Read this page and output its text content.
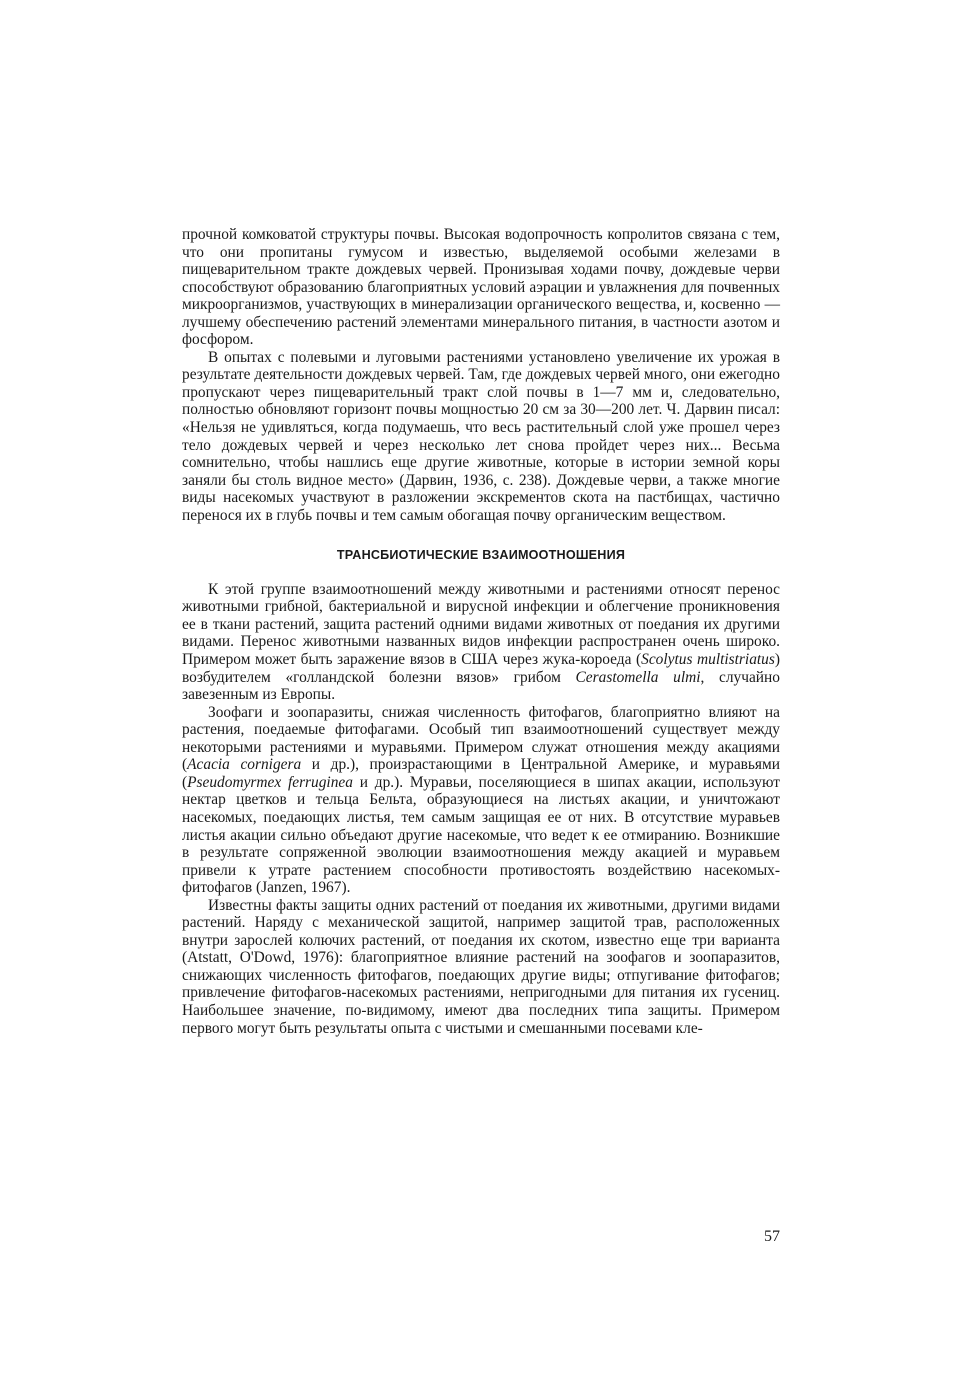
прочной комковатой структуры почвы. Высокая водопрочность копролитов связана с тем, что они пропитаны гумусом и известью, выделяемой особыми железами в пищеварительном тракте дождевых червей. Пронизывая ходами почву, дождевые черви способствуют образованию благоприятных условий аэрации и увлажнения для почвенных микроорганизмов, участвующих в минерализации органического вещества, и, косвенно — лучшему обеспечению растений элементами минерального питания, в частности азотом и фосфором.

В опытах с полевыми и луговыми растениями установлено увеличение их урожая в результате деятельности дождевых червей. Там, где дождевых червей много, они ежегодно пропускают через пищеварительный тракт слой почвы в 1—7 мм и, следовательно, полностью обновляют горизонт почвы мощностью 20 см за 30—200 лет. Ч. Дарвин писал: «Нельзя не удивляться, когда подумаешь, что весь растительный слой уже прошел через тело дождевых червей и через несколько лет снова пройдет через них... Весьма сомнительно, чтобы нашлись еще другие животные, которые в истории земной коры заняли бы столь видное место» (Дарвин, 1936, с. 238). Дождевые черви, а также многие виды насекомых участвуют в разложении экскрементов скота на пастбищах, частично перенося их в глубь почвы и тем самым обогащая почву органическим веществом.

ТРАНСБИОТИЧЕСКИЕ ВЗАИМООТНОШЕНИЯ

К этой группе взаимоотношений между животными и растениями относят перенос животными грибной, бактериальной и вирусной инфекции и облегчение проникновения ее в ткани растений, защита растений одними видами животных от поедания их другими видами. Перенос животными названных видов инфекции распространен очень широко. Примером может быть заражение вязов в США через жука-короеда (Scolytus multistriatus) возбудителем «голландской болезни вязов» грибом Cerastomella ulmi, случайно завезенным из Европы.

Зоофаги и зоопаразиты, снижая численность фитофагов, благоприятно влияют на растения, поедаемые фитофагами. Особый тип взаимоотношений существует между некоторыми растениями и муравьями. Примером служат отношения между акациями (Acacia cornigera и др.), произрастающими в Центральной Америке, и муравьями (Pseudomyrmex ferruginea и др.). Муравьи, поселяющиеся в шипах акации, используют нектар цветков и тельца Бельта, образующиеся на листьях акации, и уничтожают насекомых, поедающих листья, тем самым защищая ее от них. В отсутствие муравьев листья акации сильно объедают другие насекомые, что ведет к ее отмиранию. Возникшие в результате сопряженной эволюции взаимоотношения между акацией и муравьем привели к утрате растением способности противостоять воздействию насекомых-фитофагов (Janzen, 1967).

Известны факты защиты одних растений от поедания их животными, другими видами растений. Наряду с механической защитой, например защитой трав, расположенных внутри зарослей колючих растений, от поедания их скотом, известно еще три варианта (Atstatt, O'Dowd, 1976): благоприятное влияние растений на зоофагов и зоопаразитов, снижающих численность фитофагов, поедающих другие виды; отпугивание фитофагов; привлечение фитофагов-насекомых растениями, непригодными для питания их гусениц. Наибольшее значение, по-видимому, имеют два последних типа защиты. Примером первого могут быть результаты опыта с чистыми и смешанными посевами кле-

57
